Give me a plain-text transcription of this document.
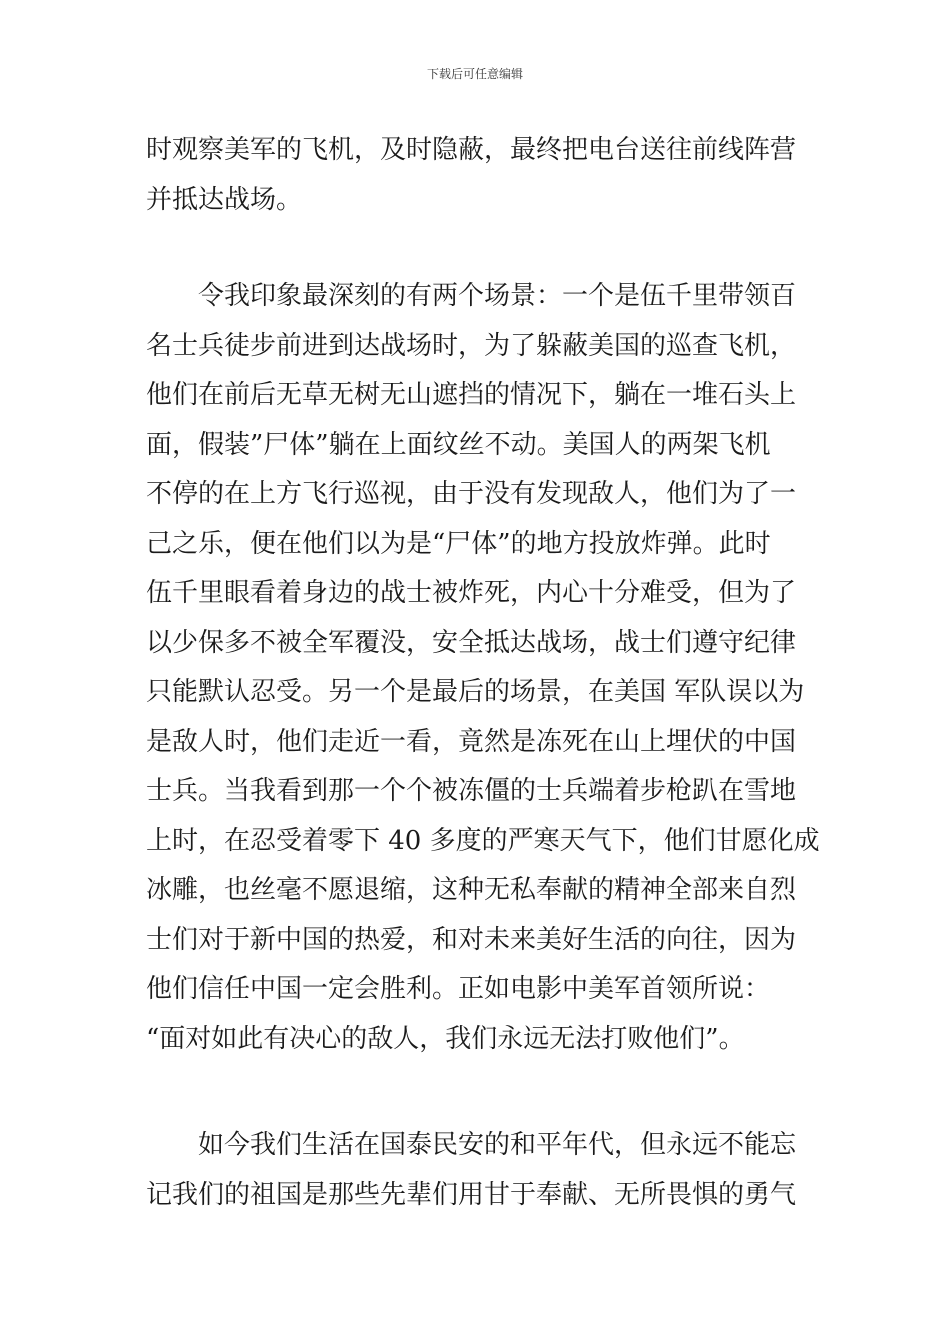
下载后可任意编辑
时观察美军的飞机，及时隐蔽，最终把电台送往前线阵营
并抵达战场。
令我印象最深刻的有两个场景：一个是伍千里带领百
名士兵徒步前进到达战场时，为了躲蔽美国的巡查飞机，
他们在前后无草无树无山遮挡的情况下，躺在一堆石头上
面，假装”尸体”躺在上面纹丝不动。美国人的两架飞机
不停的在上方飞行巡视，由于没有发现敌人，他们为了一
己之乐，便在他们以为是“尸体”的地方投放炸弹。此时
伍千里眼看着身边的战士被炸死，内心十分难受，但为了
以少保多不被全军覆没，安全抵达战场，战士们遵守纪律
只能默认忍受。另一个是最后的场景，在美国 军队误以为
是敌人时，他们走近一看，竟然是冻死在山上埋伏的中国
士兵。当我看到那一个个被冻僵的士兵端着步枪趴在雪地
上时，在忍受着零下 40 多度的严寒天气下，他们甘愿化成
冰雕，也丝毫不愿退缩，这种无私奉献的精神全部来自烈
士们对于新中国的热爱，和对未来美好生活的向往，因为
他们信任中国一定会胜利。正如电影中美军首领所说：
“面对如此有决心的敌人，我们永远无法打败他们”。
如今我们生活在国泰民安的和平年代，但永远不能忘
记我们的祖国是那些先辈们用甘于奉献、无所畏惧的勇气
